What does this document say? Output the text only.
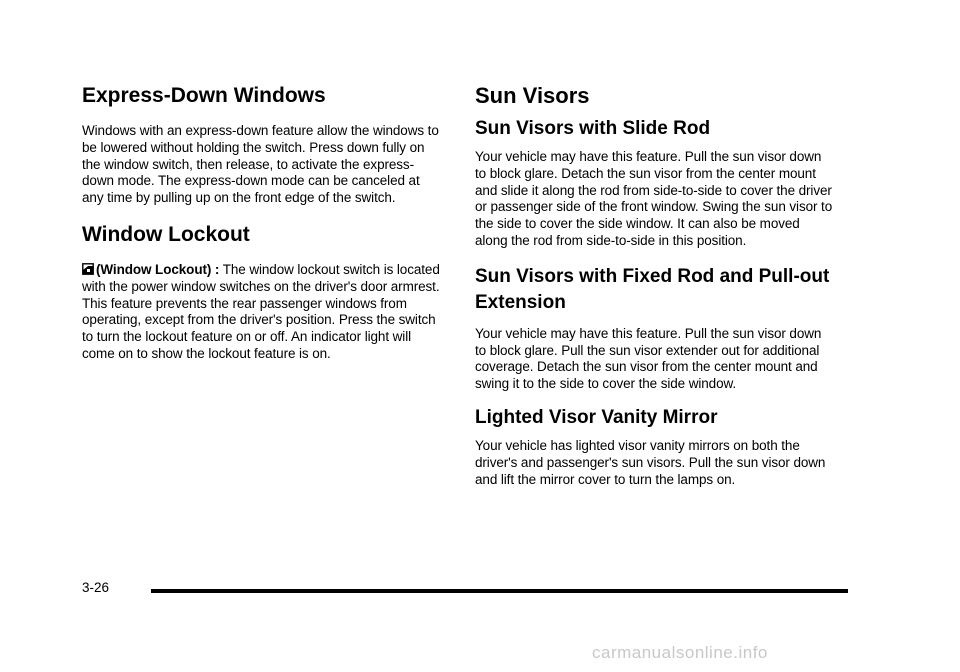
Express-Down Windows

Windows with an express-down feature allow the windows to be lowered without holding the switch. Press down fully on the window switch, then release, to activate the express-down mode. The express-down mode can be canceled at any time by pulling up on the front edge of the switch.

Window Lockout

(Window Lockout) : The window lockout switch is located with the power window switches on the driver's door armrest. This feature prevents the rear passenger windows from operating, except from the driver's position. Press the switch to turn the lockout feature on or off. An indicator light will come on to show the lockout feature is on.

Sun Visors
Sun Visors with Slide Rod

Your vehicle may have this feature. Pull the sun visor down to block glare. Detach the sun visor from the center mount and slide it along the rod from side-to-side to cover the driver or passenger side of the front window. Swing the sun visor to the side to cover the side window. It can also be moved along the rod from side-to-side in this position.

Sun Visors with Fixed Rod and Pull-out Extension

Your vehicle may have this feature. Pull the sun visor down to block glare. Pull the sun visor extender out for additional coverage. Detach the sun visor from the center mount and swing it to the side to cover the side window.

Lighted Visor Vanity Mirror

Your vehicle has lighted visor vanity mirrors on both the driver's and passenger's sun visors. Pull the sun visor down and lift the mirror cover to turn the lamps on.

3-26
carmanualsonline.info
